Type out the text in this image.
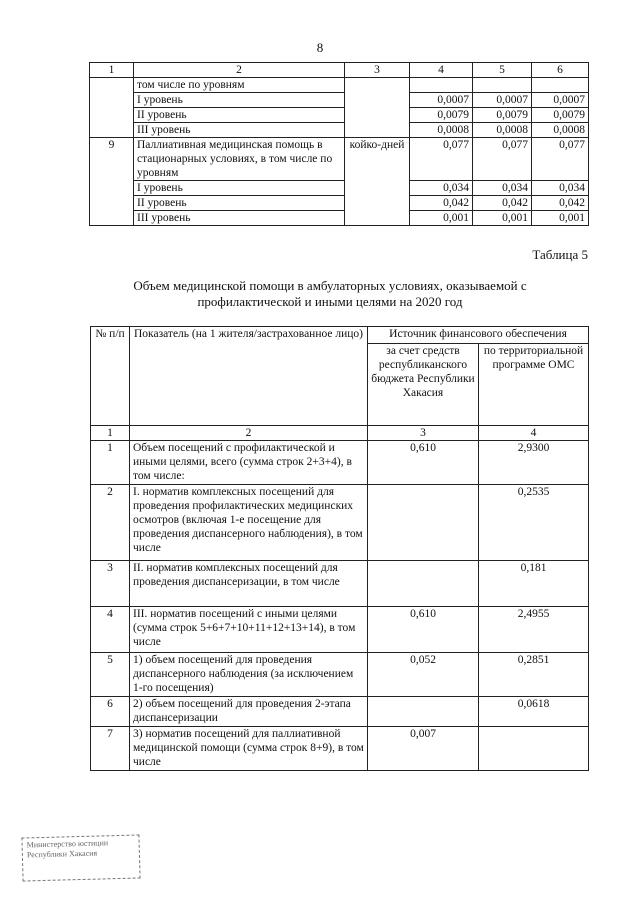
8
1	2	3	4	5	6
	том числе по уровням				
	I уровень		0,0007	0,0007	0,0007
	II уровень		0,0079	0,0079	0,0079
	III уровень		0,0008	0,0008	0,0008
9	Паллиативная медицинская помощь в стационарных условиях, в том числе по уровням	койко-дней	0,077	0,077	0,077
	I уровень		0,034	0,034	0,034
	II уровень		0,042	0,042	0,042
	III уровень		0,001	0,001	0,001
Таблица 5
Объем медицинской помощи в амбулаторных условиях, оказываемой с профилактической и иными целями на 2020 год
№ п/п	Показатель (на 1 жителя/застрахованное лицо)	Источник финансового обеспечения	
		за счет средств республиканского бюджета Республики Хакасия	по территориальной программе ОМС
1	2	3	4
1	Объем посещений с профилактической и иными целями, всего (сумма строк 2+3+4), в том числе:	0,610	2,9300
2	I. норматив комплексных посещений для проведения профилактических медицинских осмотров (включая 1-е посещение для проведения диспансерного наблюдения), в том числе		0,2535
3	II. норматив комплексных посещений для проведения диспансеризации, в том числе		0,181
4	III. норматив посещений с иными целями (сумма строк 5+6+7+10+11+12+13+14), в том числе	0,610	2,4955
5	1) объем посещений для проведения диспансерного наблюдения (за исключением 1-го посещения)	0,052	0,2851
6	2) объем посещений для проведения 2-этапа диспансеризации		0,0618
7	3) норматив посещений для паллиативной медицинской помощи (сумма строк 8+9), в том числе	0,007	
Министерство юстиции Республики Хакасия
